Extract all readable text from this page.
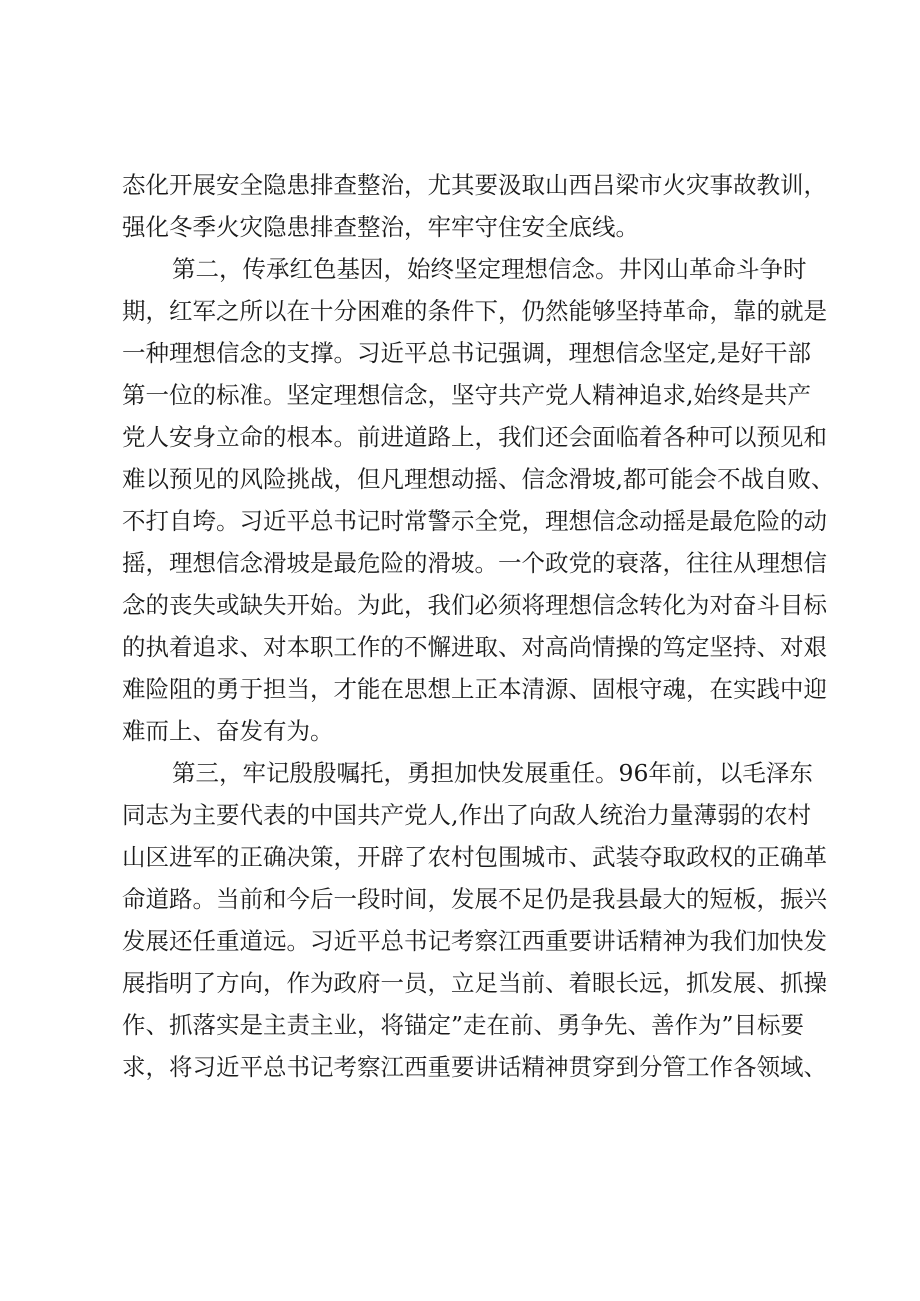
态化开展安全隐患排查整治，尤其要汲取山西吕梁市火灾事故教训，
强化冬季火灾隐患排查整治，牢牢守住安全底线。
第二，传承红色基因，始终坚定理想信念。井冈山革命斗争时
期，红军之所以在十分困难的条件下，仍然能够坚持革命，靠的就是
一种理想信念的支撑。习近平总书记强调，理想信念坚定,是好干部
第一位的标准。坚定理想信念，坚守共产党人精神追求,始终是共产
党人安身立命的根本。前进道路上，我们还会面临着各种可以预见和
难以预见的风险挑战，但凡理想动摇、信念滑坡,都可能会不战自败、
不打自垮。习近平总书记时常警示全党，理想信念动摇是最危险的动
摇，理想信念滑坡是最危险的滑坡。一个政党的衰落，往往从理想信
念的丧失或缺失开始。为此，我们必须将理想信念转化为对奋斗目标
的执着追求、对本职工作的不懈进取、对高尚情操的笃定坚持、对艰
难险阻的勇于担当，才能在思想上正本清源、固根守魂，在实践中迎
难而上、奋发有为。
第三，牢记殷殷嘱托，勇担加快发展重任。96年前，以毛泽东
同志为主要代表的中国共产党人,作出了向敌人统治力量薄弱的农村
山区进军的正确决策，开辟了农村包围城市、武装夺取政权的正确革
命道路。当前和今后一段时间，发展不足仍是我县最大的短板，振兴
发展还任重道远。习近平总书记考察江西重要讲话精神为我们加快发
展指明了方向，作为政府一员，立足当前、着眼长远，抓发展、抓操
作、抓落实是主责主业，将锚定”走在前、勇争先、善作为”目标要
求，将习近平总书记考察江西重要讲话精神贯穿到分管工作各领域、
